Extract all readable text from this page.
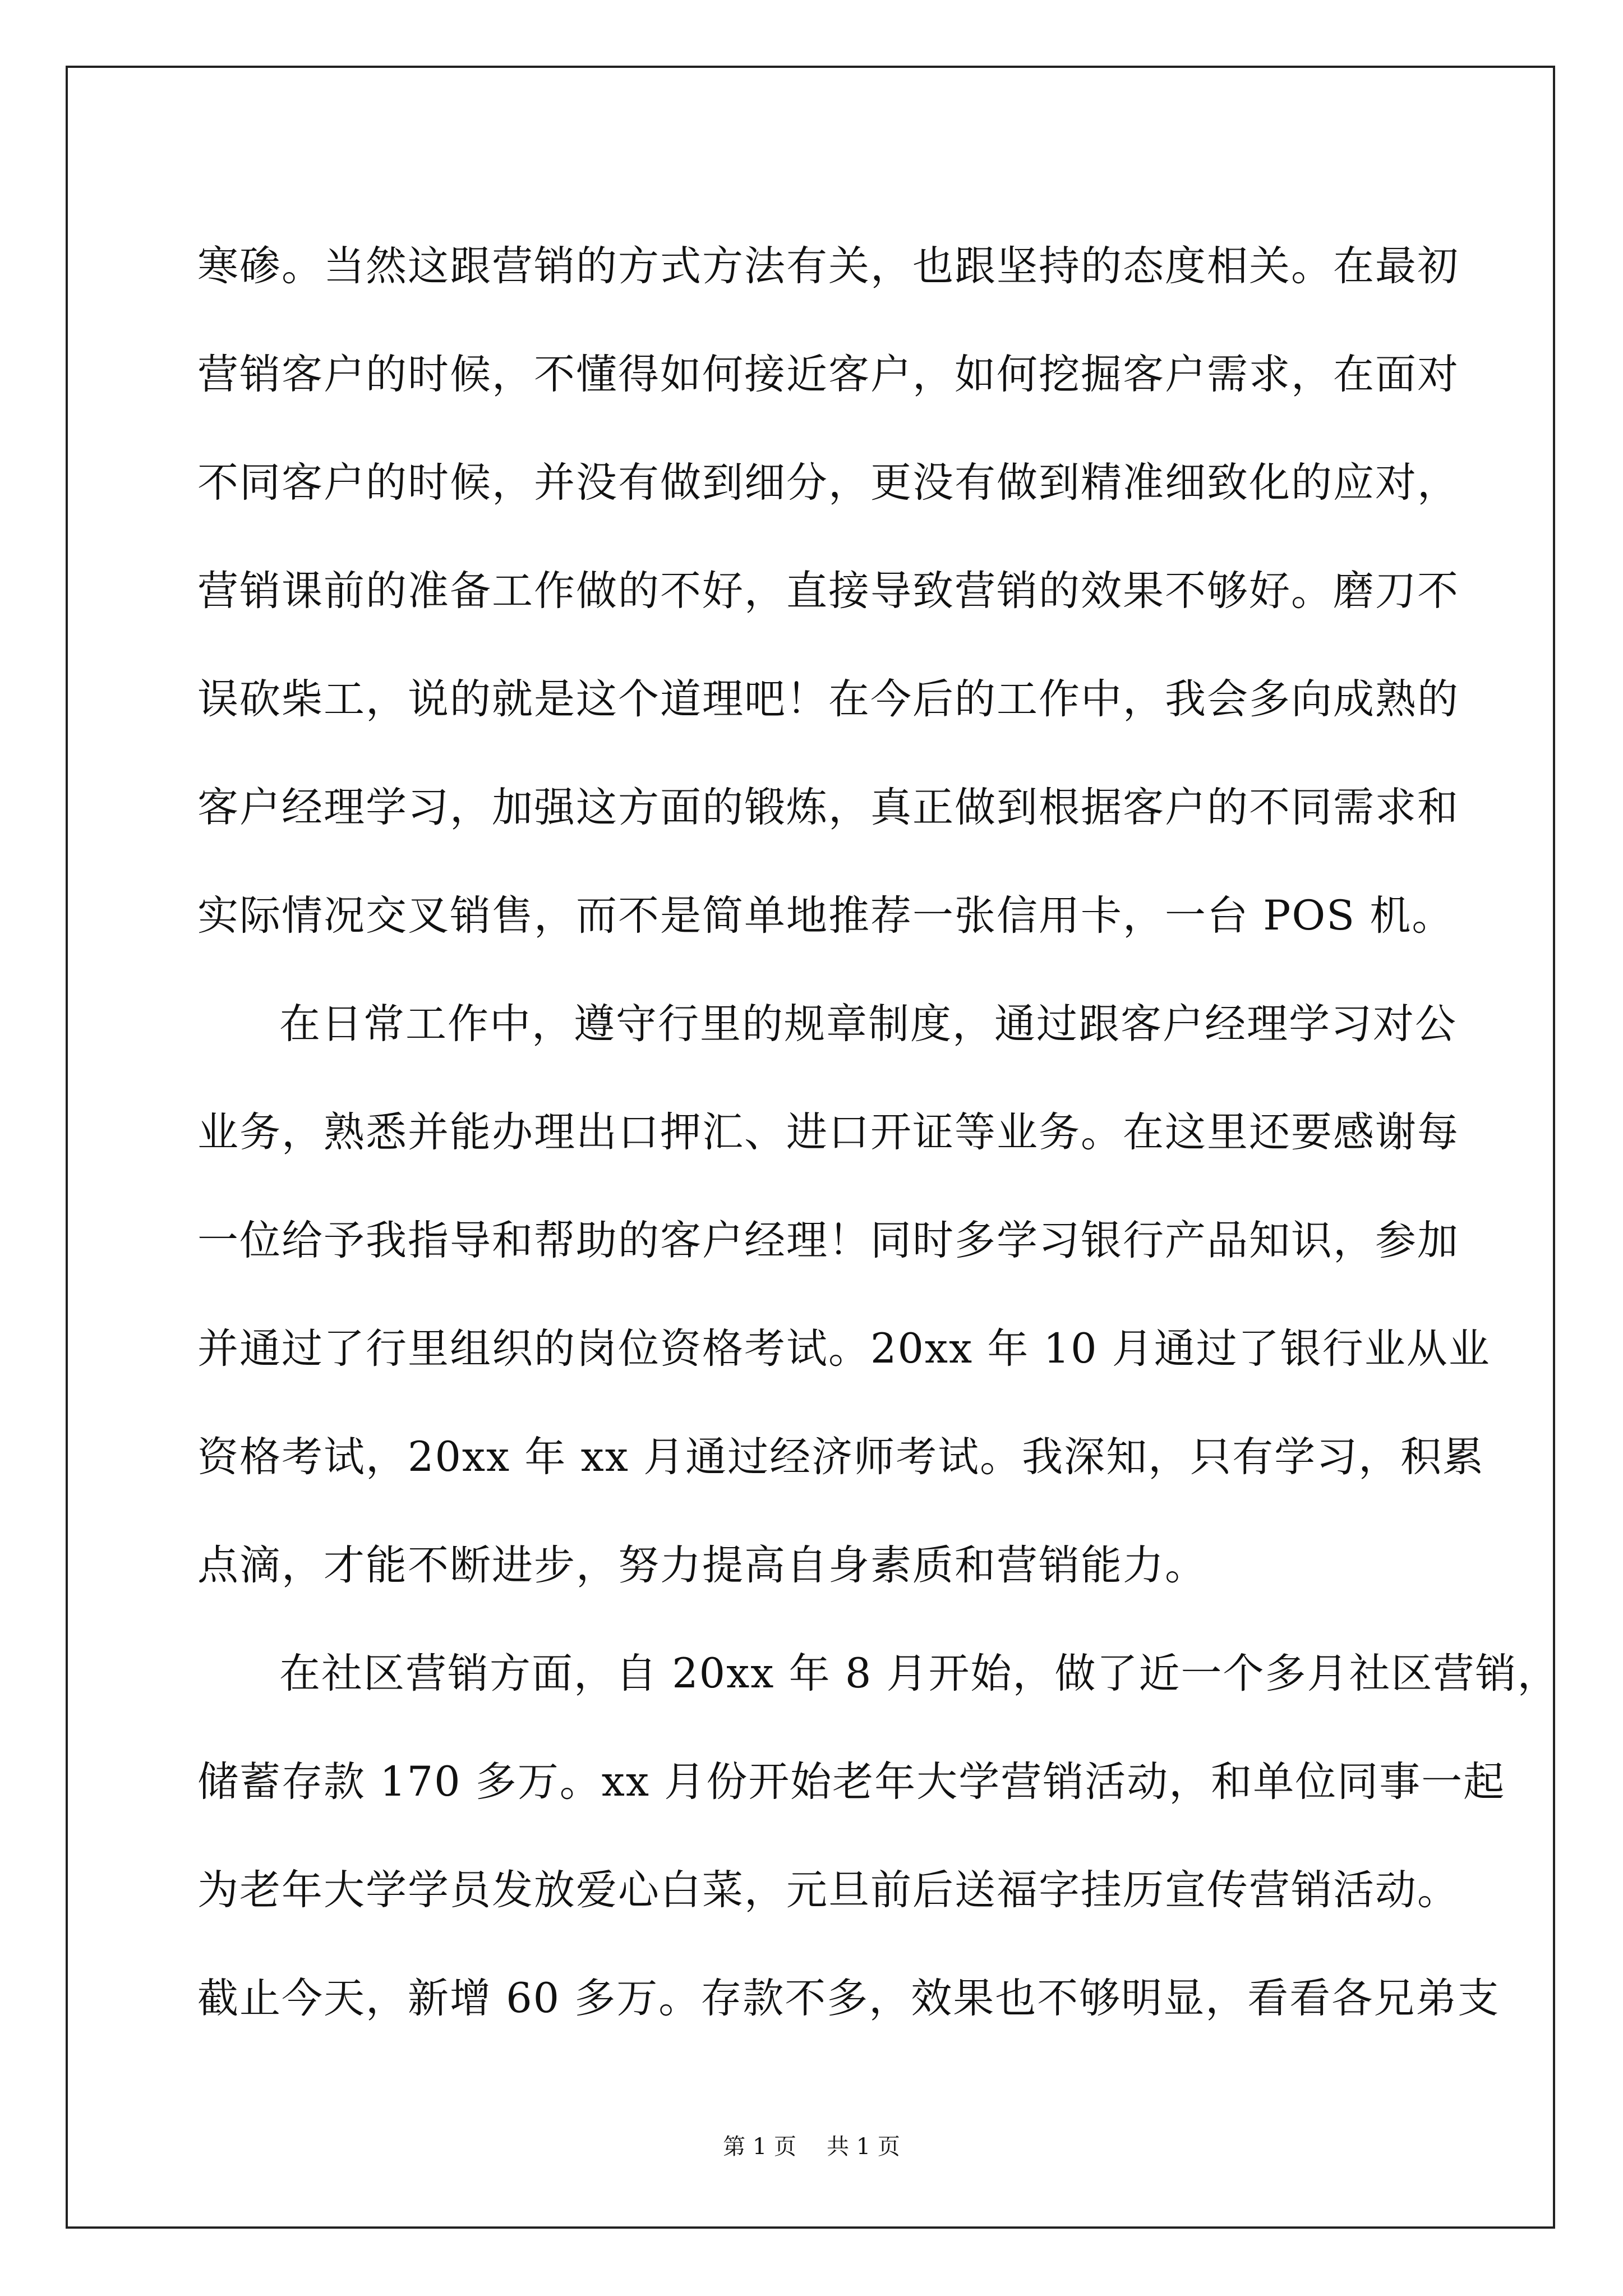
寒碜。当然这跟营销的方式方法有关，也跟坚持的态度相关。在最初
营销客户的时候，不懂得如何接近客户，如何挖掘客户需求，在面对
不同客户的时候，并没有做到细分，更没有做到精准细致化的应对，
营销课前的准备工作做的不好，直接导致营销的效果不够好。磨刀不
误砍柴工，说的就是这个道理吧！在今后的工作中，我会多向成熟的
客户经理学习，加强这方面的锻炼，真正做到根据客户的不同需求和
实际情况交叉销售，而不是简单地推荐一张信用卡，一台 POS 机。
在日常工作中，遵守行里的规章制度，通过跟客户经理学习对公
业务，熟悉并能办理出口押汇、进口开证等业务。在这里还要感谢每
一位给予我指导和帮助的客户经理！同时多学习银行产品知识，参加
并通过了行里组织的岗位资格考试。20xx 年 10 月通过了银行业从业
资格考试，20xx 年 xx 月通过经济师考试。我深知，只有学习，积累
点滴，才能不断进步，努力提高自身素质和营销能力。
在社区营销方面，自 20xx 年 8 月开始，做了近一个多月社区营销，
储蓄存款 170 多万。xx 月份开始老年大学营销活动，和单位同事一起
为老年大学学员发放爱心白菜，元旦前后送福字挂历宣传营销活动。
截止今天，新增 60 多万。存款不多，效果也不够明显，看看各兄弟支
第 1 页 共 1 页
